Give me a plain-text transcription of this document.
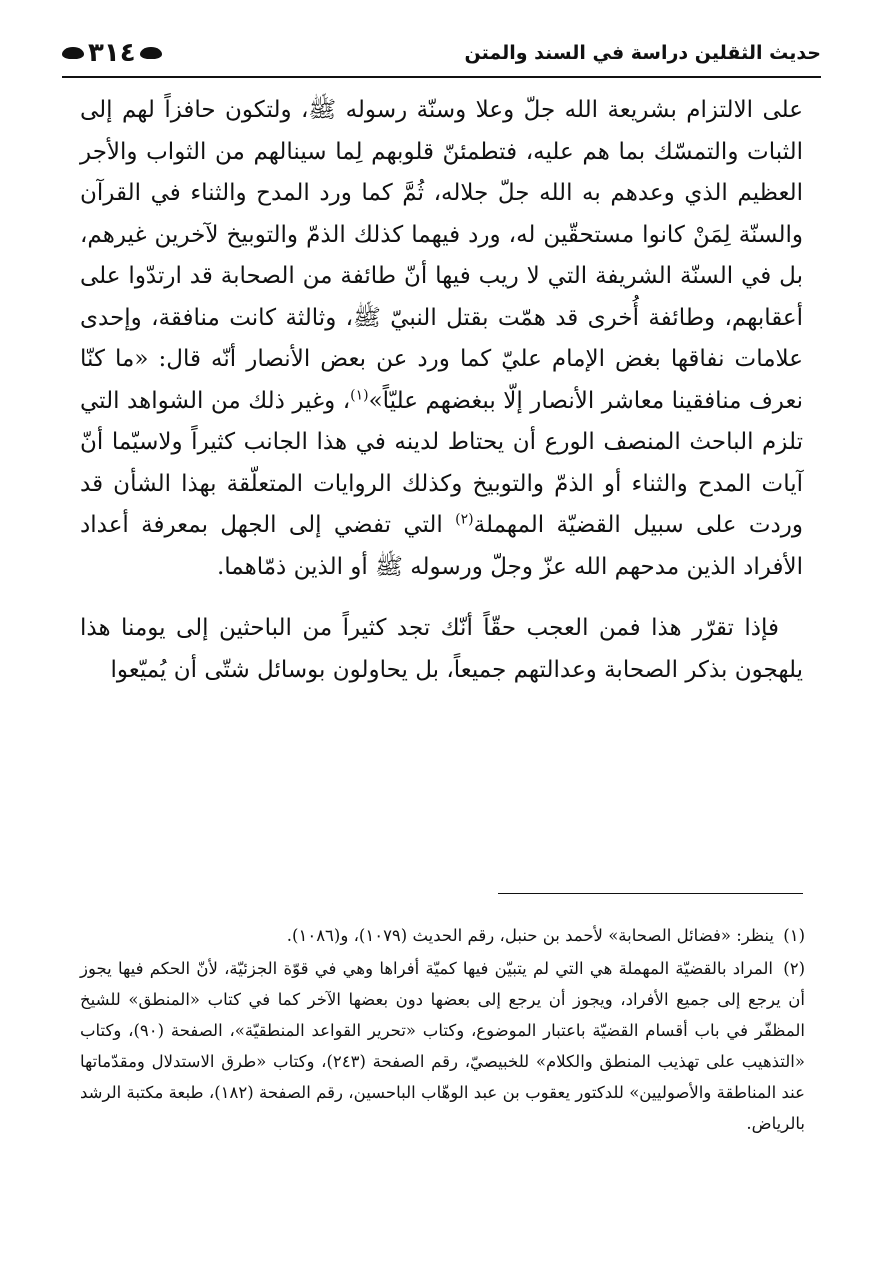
حديث الثقلين دراسة في السند والمتن
٣١٤

على الالتزام بشريعة الله جلّ وعلا وسنّة رسوله ﷺ، ولتكون حافزاً لهم إلى الثبات والتمسّك بما هم عليه، فتطمئنّ قلوبهم لِما سينالهم من الثواب والأجر العظيم الذي وعدهم به الله جلّ جلاله، ثُمَّ كما ورد المدح والثناء في القرآن والسنّة لِمَنْ كانوا مستحقّين له، ورد فيهما كذلك الذمّ والتوبيخ لآخرين غيرهم، بل في السنّة الشريفة التي لا ريب فيها أنّ طائفة من الصحابة قد ارتدّوا على أعقابهم، وطائفة أُخرى قد همّت بقتل النبيّ ﷺ، وثالثة كانت منافقة، وإحدى علامات نفاقها بغض الإمام عليّ كما ورد عن بعض الأنصار أنّه قال: «ما كنّا نعرف منافقينا معاشر الأنصار إلّا ببغضهم عليّاً»$^{(١)}$، وغير ذلك من الشواهد التي تلزم الباحث المنصف الورع أن يحتاط لدينه في هذا الجانب كثيراً ولاسيّما أنّ آيات المدح والثناء أو الذمّ والتوبيخ وكذلك الروايات المتعلّقة بهذا الشأن قد وردت على سبيل القضيّة المهملة$^{(٢)}$ التي تفضي إلى الجهل بمعرفة أعداد الأفراد الذين مدحهم الله عزّ وجلّ ورسوله ﷺ أو الذين ذمّاهما.

فإذا تقرّر هذا فمن العجب حقّاً أنّك تجد كثيراً من الباحثين إلى يومنا هذا يلهجون بذكر الصحابة وعدالتهم جميعاً، بل يحاولون بوسائل شتّى أن يُميّعوا

(١) ينظر: «فضائل الصحابة» لأحمد بن حنبل، رقم الحديث (١٠٧٩)، و(١٠٨٦).

(٢) المراد بالقضيّة المهملة هي التي لم يتبيّن فيها كميّة أفراها وهي في قوّة الجزئيّة، لأنّ الحكم فيها يجوز أن يرجع إلى جميع الأفراد، ويجوز أن يرجع إلى بعضها دون بعضها الآخر كما في كتاب «المنطق» للشيخ المظفّر في باب أقسام القضيّة باعتبار الموضوع، وكتاب «تحرير القواعد المنطقيّة»، الصفحة (٩٠)، وكتاب «التذهيب على تهذيب المنطق والكلام» للخبيصيّ، رقم الصفحة (٢٤٣)، وكتاب «طرق الاستدلال ومقدّماتها عند المناطقة والأصوليين» للدكتور يعقوب بن عبد الوهّاب الباحسين، رقم الصفحة (١٨٢)، طبعة مكتبة الرشد بالرياض.
